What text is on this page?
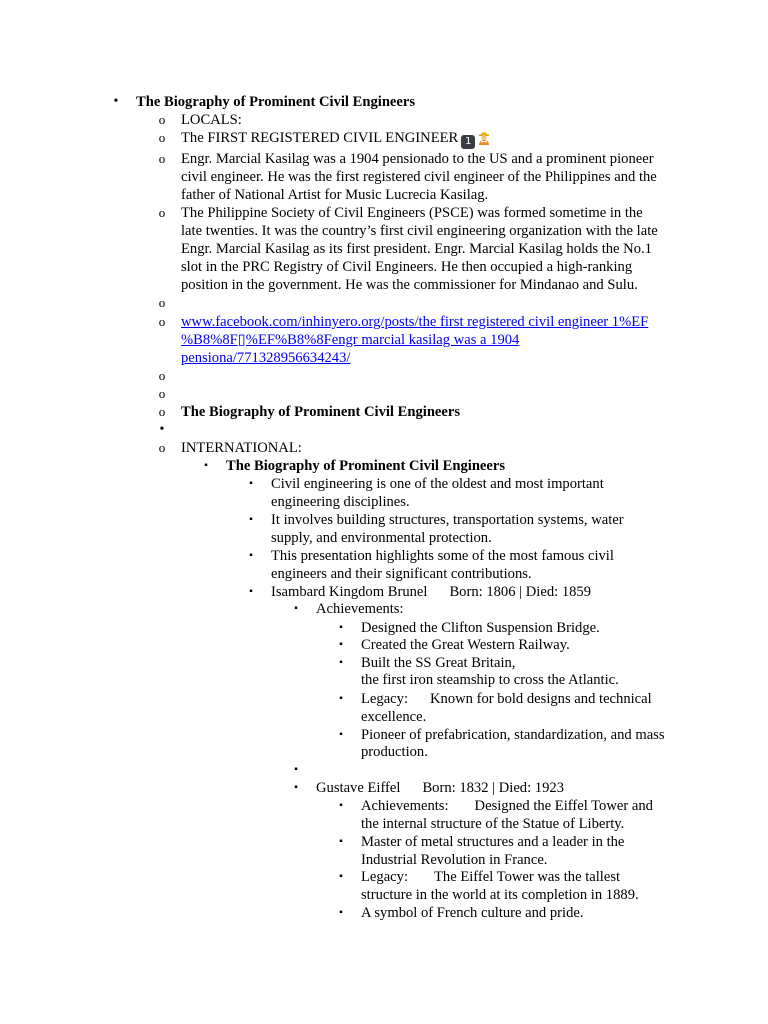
•	The Biography of Prominent Civil Engineers
o LOCALS:
o The FIRST REGISTERED CIVIL ENGINEER 1
o Engr. Marcial Kasilag was a 1904 pensionado to the US and a prominent pioneer
civil engineer. He was the first registered civil engineer of the Philippines and the
father of National Artist for Music Lucrecia Kasilag.
o The Philippine Society of Civil Engineers (PSCE) was formed sometime in the
late twenties. It was the country’s first civil engineering organization with the late
Engr. Marcial Kasilag as its first president. Engr. Marcial Kasilag holds the No.1
slot in the PRC Registry of Civil Engineers. He then occupied a high-ranking
position in the government. He was the commissioner for Mindanao and Sulu.
o
o www.facebook.com/inhinyero.org/posts/the first registered civil engineer 1%EF
%B8%8F▯%EF%B8%8Fengr marcial kasilag was a 1904
pensiona/771328956634243/
o
o
o The Biography of Prominent Civil Engineers
•
o INTERNATIONAL:
▪	The Biography of Prominent Civil Engineers
▪	Civil engineering is one of the oldest and most important
engineering disciplines.
▪	It involves building structures, transportation systems, water
supply, and environmental protection.
▪	This presentation highlights some of the most famous civil
engineers and their significant contributions.
▪	Isambard Kingdom Brunel Born: 1806 | Died: 1859
▪	Achievements:
▪	Designed the Clifton Suspension Bridge.
▪	Created the Great Western Railway.
▪	Built the SS Great Britain,
the first iron steamship to cross the Atlantic.
▪	Legacy: Known for bold designs and technical
excellence.
▪	Pioneer of prefabrication, standardization, and mass
production.
▪
▪	Gustave Eiffel Born: 1832 | Died: 1923
▪	Achievements: Designed the Eiffel Tower and
the internal structure of the Statue of Liberty.
▪	Master of metal structures and a leader in the
Industrial Revolution in France.
▪	Legacy: The Eiffel Tower was the tallest
structure in the world at its completion in 1889.
▪	A symbol of French culture and pride.
